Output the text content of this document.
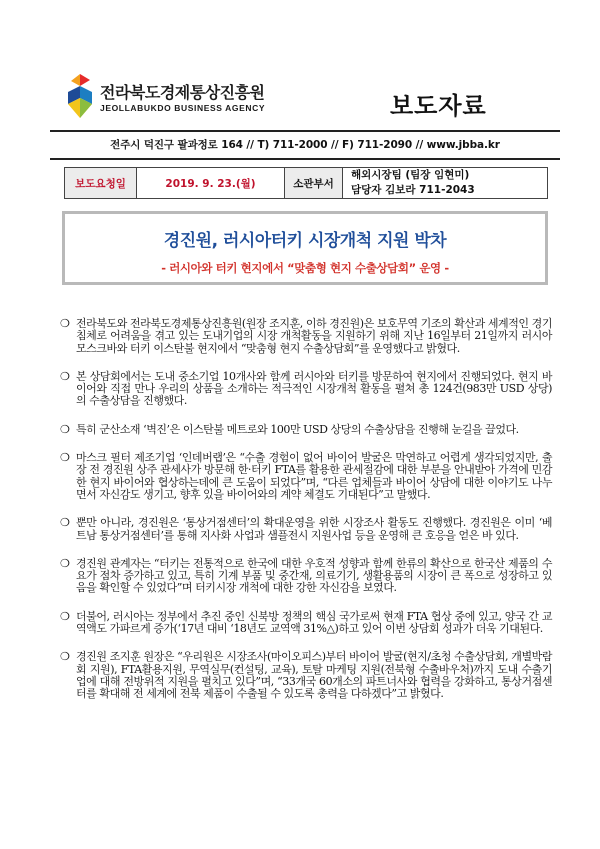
전라북도경제통상진흥원
JEOLLABUKDO BUSINESS AGENCY	보도자료
전주시 덕진구 팔과정로 164 // T) 711-2000 // F) 711-2090 // www.jbba.kr
보도요청일	2019. 9. 23.(월)	소관부서	해외시장팀 (팀장 임현미)
담당자 김보라 711-2043
경진원, 러시아터키 시장개척 지원 박차
- 러시아와 터키 현지에서 “맞춤형 현지 수출상담회” 운영 -
❍ 전라북도와 전라북도경제통상진흥원(원장 조지훈, 이하 경진원)은 보호무역 기조의 확산과 세계적인 경기침체로 어려움을 겪고 있는 도내기업의 시장 개척활동을 지원하기 위해 지난 16일부터 21일까지 러시아 모스크바와 터키 이스탄불 현지에서 “맞춤형 현지 수출상담회”를 운영했다고 밝혔다.
❍ 본 상담회에서는 도내 중소기업 10개사와 함께 러시아와 터키를 방문하여 현지에서 진행되었다. 현지 바이어와 직접 만나 우리의 상품을 소개하는 적극적인 시장개척 활동을 펼쳐 총 124건(983만 USD 상당)의 수출상담을 진행했다.
❍ 특히 군산소재 ‘벽진’은 이스탄불 메트로와 100만 USD 상당의 수출상담을 진행해 눈길을 끌었다.
❍ 마스크 필터 제조기업 ‘인데버랩’은 “수출 경험이 없어 바이어 발굴은 막연하고 어렵게 생각되었지만, 출장 전 경진원 상주 관세사가 방문해 한·터키 FTA를 활용한 관세절감에 대한 부분을 안내받아 가격에 민감한 현지 바이어와 협상하는데에 큰 도움이 되었다”며, “다른 업체들과 바이어 상담에 대한 이야기도 나누면서 자신감도 생기고, 향후 있을 바이어와의 계약 체결도 기대된다”고 말했다.
❍ 뿐만 아니라, 경진원은 ‘통상거점센터’의 확대운영을 위한 시장조사 활동도 진행했다. 경진원은 이미 ‘베트남 통상거점센터’를 통해 지사화 사업과 샘플전시 지원사업 등을 운영해 큰 호응을 얻은 바 있다.
❍ 경진원 관계자는 “터키는 전통적으로 한국에 대한 우호적 성향과 함께 한류의 확산으로 한국산 제품의 수요가 점차 증가하고 있고, 특히 기계 부품 및 중간재, 의료기기, 생활용품의 시장이 큰 폭으로 성장하고 있음을 확인할 수 있었다”며 터키시장 개척에 대한 강한 자신감을 보였다.
❍ 더불어, 러시아는 정부에서 추진 중인 신북방 정책의 핵심 국가로써 현재 FTA 협상 중에 있고, 양국 간 교역액도 가파르게 증가(‘17년 대비 ‘18년도 교역액 31%△)하고 있어 이번 상담회 성과가 더욱 기대된다.
❍ 경진원 조지훈 원장은 “우리원은 시장조사(마이오피스)부터 바이어 발굴(현지/초청 수출상담회, 개별박람회 지원), FTA활용지원, 무역실무(컨설팅, 교육), 토탈 마케팅 지원(전북형 수출바우처)까지 도내 수출기업에 대해 전방위적 지원을 펼치고 있다”며, “33개국 60개소의 파트너사와 협력을 강화하고, 통상거점센터를 확대해 전 세계에 전북 제품이 수출될 수 있도록 총력을 다하겠다”고 밝혔다.
